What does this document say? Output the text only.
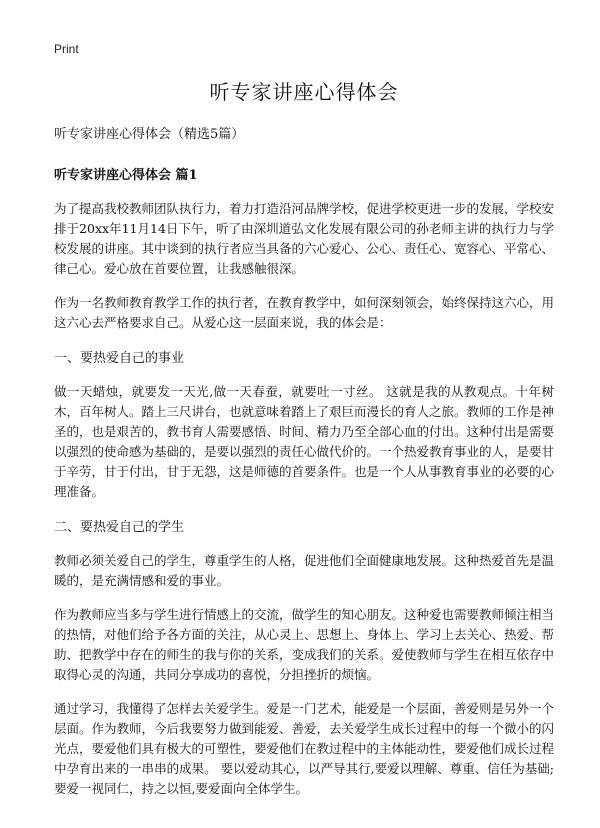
Print
听专家讲座心得体会
听专家讲座心得体会（精选5篇）
听专家讲座心得体会 篇1

为了提高我校教师团队执行力，着力打造沿河品牌学校，促进学校更进一步的发展，学校安排于20xx年11月14日下午，听了由深圳道弘文化发展有限公司的孙老师主讲的执行力与学校发展的讲座。其中谈到的执行者应当具备的六心爱心、公心、责任心、宽容心、平常心、律己心。爱心放在首要位置，让我感触很深。

作为一名教师教育教学工作的执行者，在教育教学中，如何深刻领会，始终保持这六心，用这六心去严格要求自己。从爱心这一层面来说，我的体会是：

一、要热爱自己的事业

做一天蜡烛，就要发一天光,做一天春蚕，就要吐一寸丝。 这就是我的从教观点。十年树木，百年树人。踏上三尺讲台，也就意味着踏上了艰巨而漫长的育人之旅。教师的工作是神圣的，也是艰苦的，教书育人需要感悟、时间、精力乃至全部心血的付出。这种付出是需要以强烈的使命感为基础的，是要以强烈的责任心做代价的。一个热爱教育事业的人，是要甘于辛劳，甘于付出，甘于无怨，这是师德的首要条件。也是一个人从事教育事业的必要的心理准备。

二、要热爱自己的学生

教师必须关爱自己的学生，尊重学生的人格，促进他们全面健康地发展。这种热爱首先是温暖的，是充满情感和爱的事业。

作为教师应当多与学生进行情感上的交流，做学生的知心朋友。这种爱也需要教师倾注相当的热情，对他们给予各方面的关注，从心灵上、思想上、身体上、学习上去关心、热爱、帮助、把教学中存在的师生的我与你的关系，变成我们的关系。爱使教师与学生在相互依存中取得心灵的沟通，共同分享成功的喜悦，分担挫折的烦恼。

通过学习，我懂得了怎样去关爱学生。爱是一门艺术，能爱是一个层面，善爱则是另外一个层面。作为教师，今后我要努力做到能爱、善爱，去关爱学生成长过程中的每一个微小的闪光点，要爱他们具有极大的可塑性，要爱他们在教过程中的主体能动性，要爱他们成长过程中孕育出来的一串串的成果。 要以爱动其心，以严导其行,要爱以理解、尊重、信任为基础;要爱一视同仁，持之以恒,要爱面向全体学生。
